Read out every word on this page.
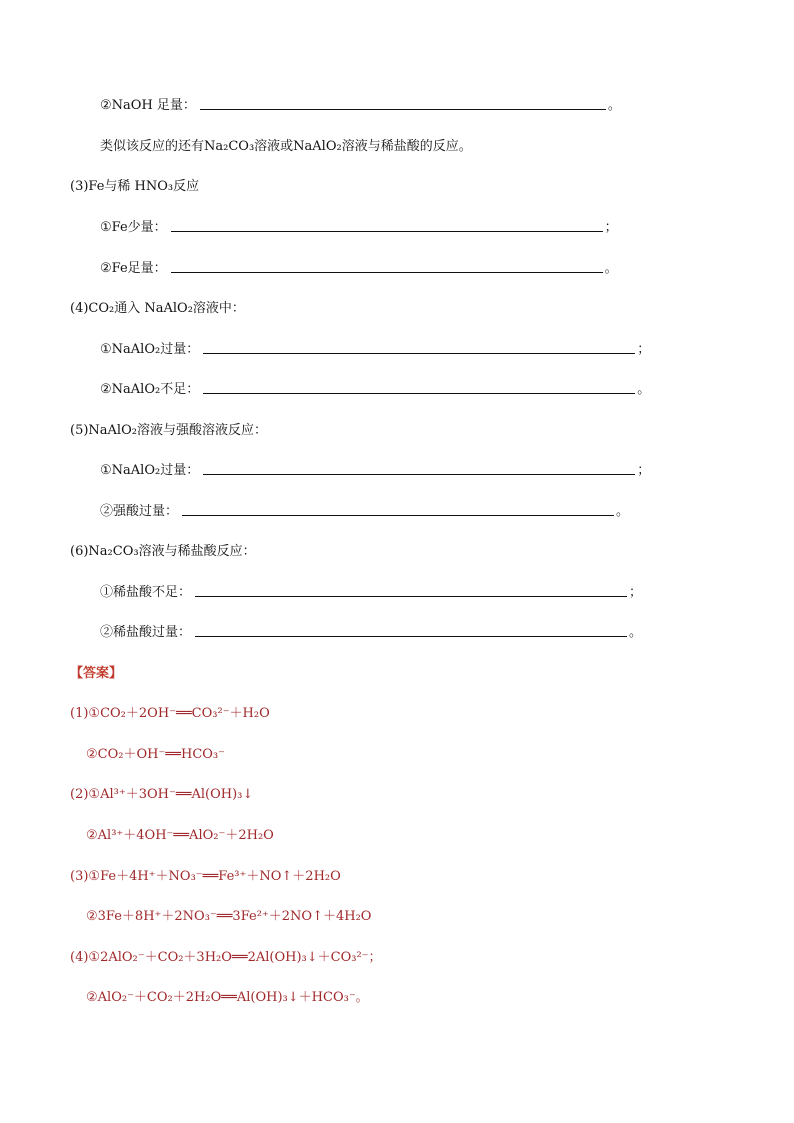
②NaOH 足量：	。
类似该反应的还有Na₂CO₃溶液或NaAlO₂溶液与稀盐酸的反应。
(3)Fe与稀 HNO₃反应
①Fe少量：	；
②Fe足量：	。
(4)CO₂通入 NaAlO₂溶液中：
①NaAlO₂过量：	；
②NaAlO₂不足：	。
(5)NaAlO₂溶液与强酸溶液反应：
①NaAlO₂过量：	；
②强酸过量：	。
(6)Na₂CO₃溶液与稀盐酸反应：
①稀盐酸不足：	；
②稀盐酸过量：	。
【答案】
(1)①CO₂＋2OH⁻══CO₃²⁻＋H₂O
②CO₂＋OH⁻══HCO₃⁻
(2)①Al³⁺＋3OH⁻══Al(OH)₃↓
②Al³⁺＋4OH⁻══AlO₂⁻＋2H₂O
(3)①Fe＋4H⁺＋NO₃⁻══Fe³⁺＋NO↑＋2H₂O
②3Fe＋8H⁺＋2NO₃⁻══3Fe²⁺＋2NO↑＋4H₂O
(4)①2AlO₂⁻＋CO₂＋3H₂O══2Al(OH)₃↓＋CO₃²⁻；
②AlO₂⁻＋CO₂＋2H₂O══Al(OH)₃↓＋HCO₃⁻。
